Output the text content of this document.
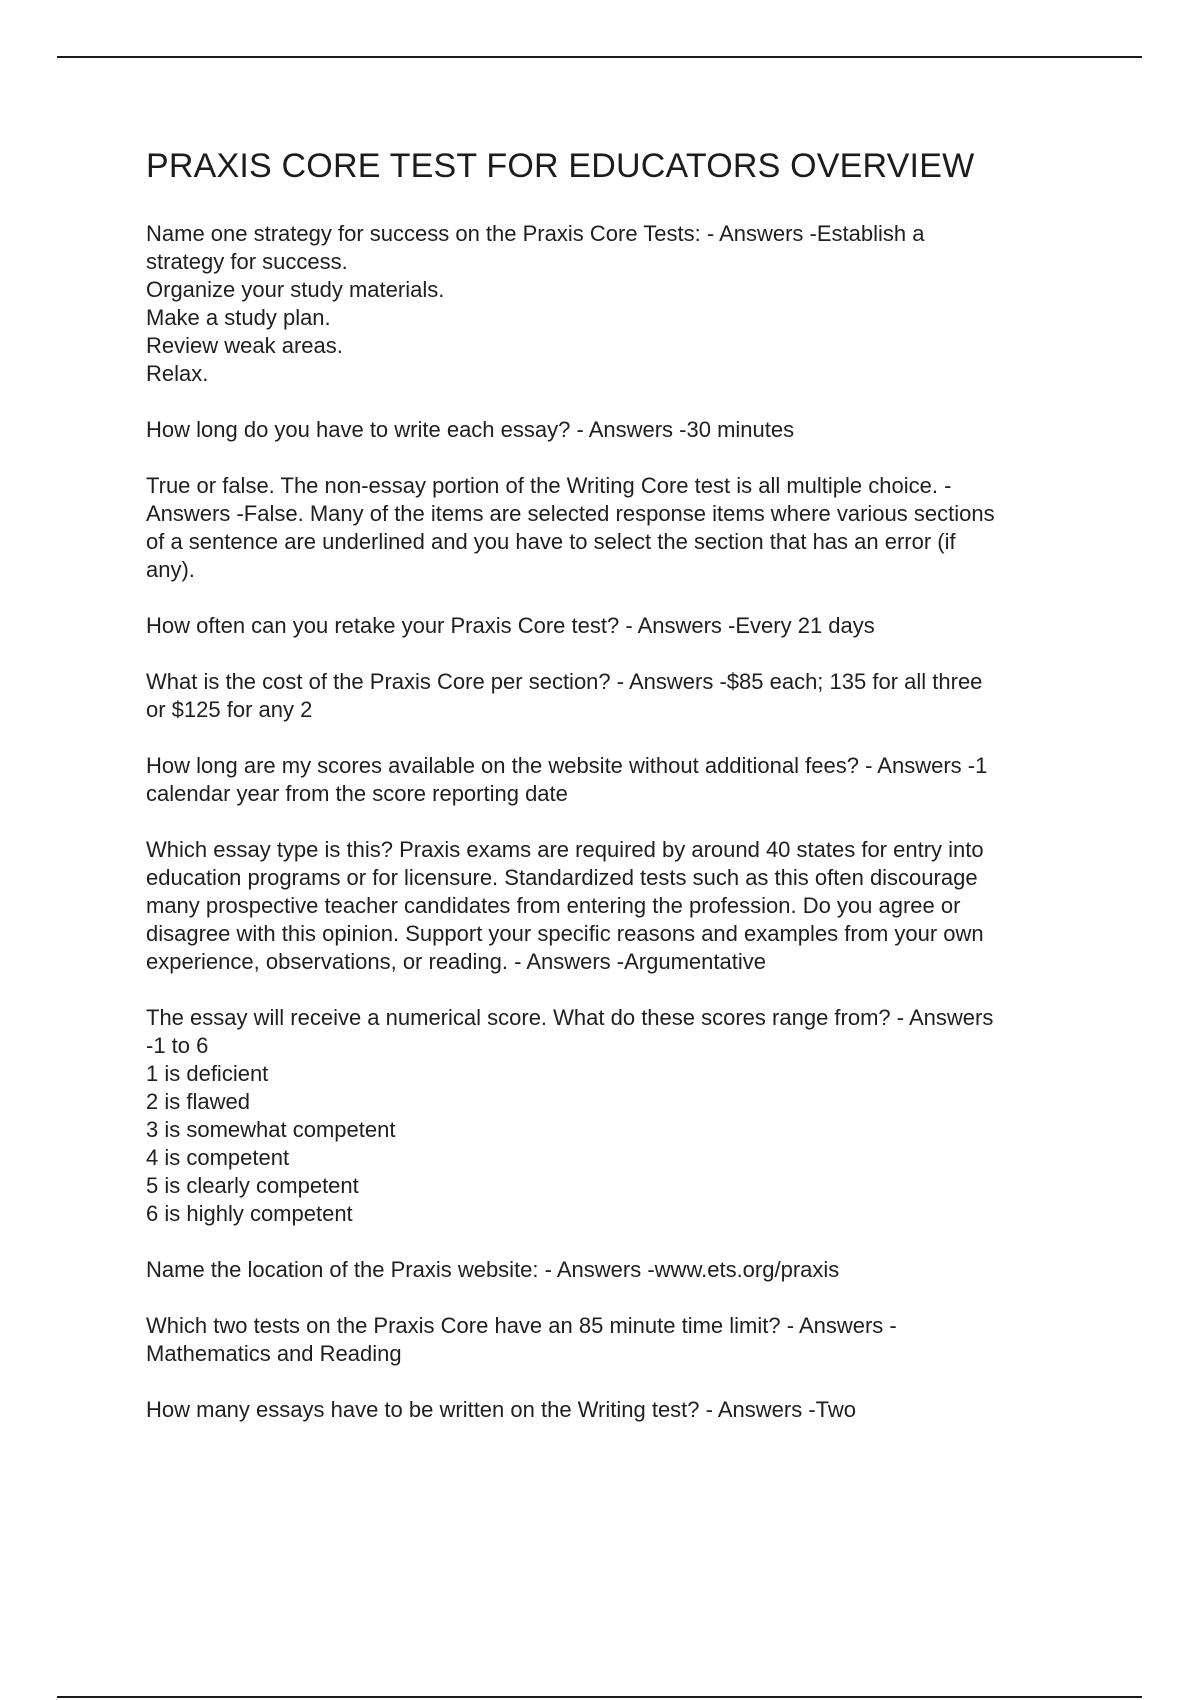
PRAXIS CORE TEST FOR EDUCATORS OVERVIEW

Name one strategy for success on the Praxis Core Tests: - Answers -Establish a
strategy for success.
Organize your study materials.
Make a study plan.
Review weak areas.
Relax.

How long do you have to write each essay? - Answers -30 minutes

True or false. The non-essay portion of the Writing Core test is all multiple choice. -
Answers -False. Many of the items are selected response items where various sections
of a sentence are underlined and you have to select the section that has an error (if
any).

How often can you retake your Praxis Core test? - Answers -Every 21 days

What is the cost of the Praxis Core per section? - Answers -$85 each; 135 for all three
or $125 for any 2

How long are my scores available on the website without additional fees? - Answers -1
calendar year from the score reporting date

Which essay type is this? Praxis exams are required by around 40 states for entry into
education programs or for licensure. Standardized tests such as this often discourage
many prospective teacher candidates from entering the profession. Do you agree or
disagree with this opinion. Support your specific reasons and examples from your own
experience, observations, or reading. - Answers -Argumentative

The essay will receive a numerical score. What do these scores range from? - Answers
-1 to 6
1 is deficient
2 is flawed
3 is somewhat competent
4 is competent
5 is clearly competent
6 is highly competent

Name the location of the Praxis website: - Answers -www.ets.org/praxis

Which two tests on the Praxis Core have an 85 minute time limit? - Answers -
Mathematics and Reading

How many essays have to be written on the Writing test? - Answers -Two
